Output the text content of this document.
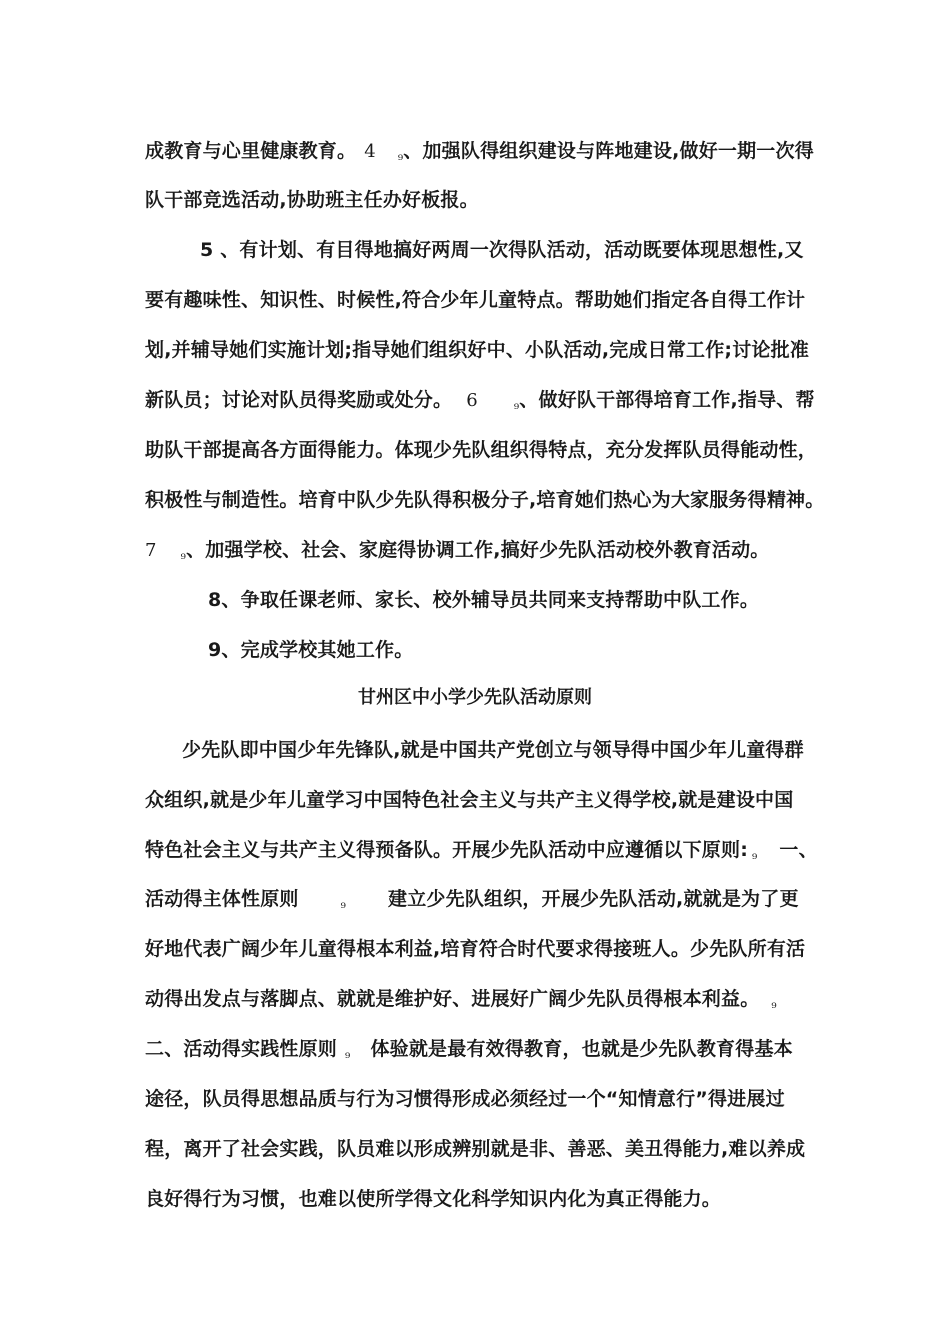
成教育与心里健康教育。 4 ₉、加强队得组织建设与阵地建设,做好一期一次得
队干部竞选活动,协助班主任办好板报。
5 、有计划、有目得地搞好两周一次得队活动，活动既要体现思想性,又
要有趣味性、知识性、时候性,符合少年儿童特点。帮助她们指定各自得工作计
划,并辅导她们实施计划;指导她们组织好中、小队活动,完成日常工作;讨论批准
新队员；讨论对队员得奖励或处分。 6	₉、做好队干部得培育工作,指导、帮
助队干部提高各方面得能力。体现少先队组织得特点，充分发挥队员得能动性，
积极性与制造性。培育中队少先队得积极分子,培育她们热心为大家服务得精神。
7 ₉、加强学校、社会、家庭得协调工作,搞好少先队活动校外教育活动。
8、争取任课老师、家长、校外辅导员共同来支持帮助中队工作。
9、完成学校其她工作。
甘州区中小学少先队活动原则
少先队即中国少年先锋队,就是中国共产党创立与领导得中国少年儿童得群
众组织,就是少年儿童学习中国特色社会主义与共产主义得学校,就是建设中国
特色社会主义与共产主义得预备队。开展少先队活动中应遵循以下原则: ₉ 一、
活动得主体性原则	₉ 建立少先队组织，开展少先队活动,就就是为了更
好地代表广阔少年儿童得根本利益,培育符合时代要求得接班人。少先队所有活
动得出发点与落脚点、就就是维护好、进展好广阔少先队员得根本利益。 ₉
二、活动得实践性原则 ₉ 体验就是最有效得教育，也就是少先队教育得基本
途径，队员得思想品质与行为习惯得形成必须经过一个“知情意行”得进展过
程，离开了社会实践，队员难以形成辨别就是非、善恶、美丑得能力,难以养成
良好得行为习惯，也难以使所学得文化科学知识内化为真正得能力。
